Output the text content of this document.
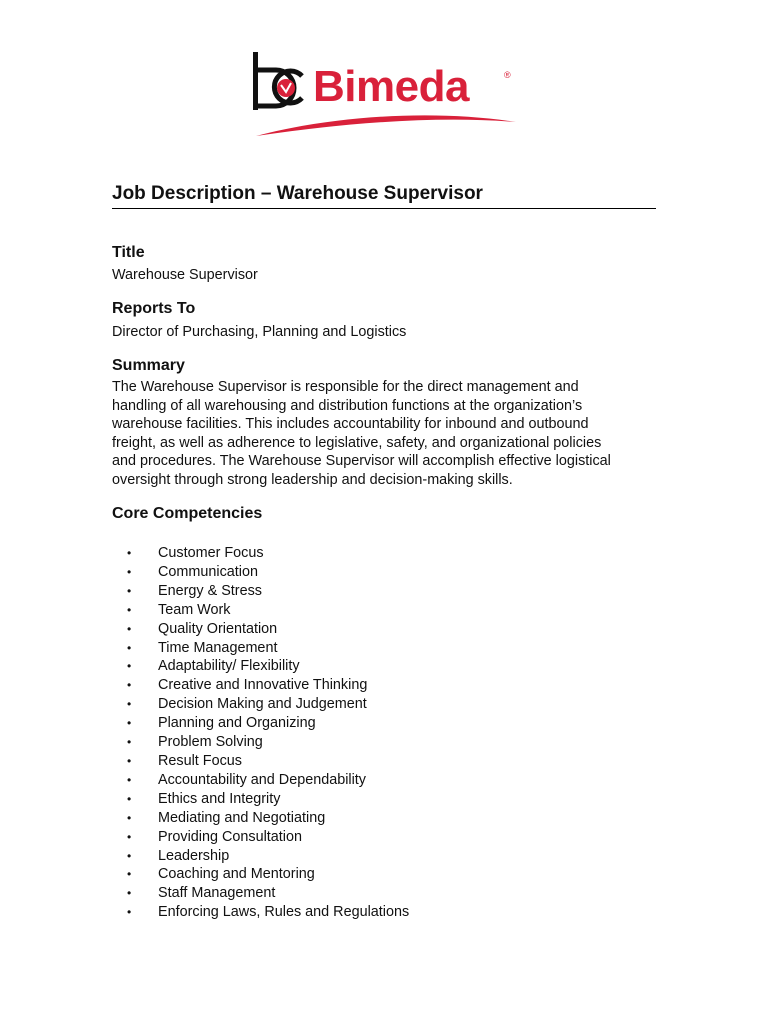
Bimeda	®
Job Description – Warehouse Supervisor
Title

Warehouse Supervisor

Reports To

Director of Purchasing, Planning and Logistics

Summary

The Warehouse Supervisor is responsible for the direct management and
handling of all warehousing and distribution functions at the organization’s
warehouse facilities. This includes accountability for inbound and outbound
freight, as well as adherence to legislative, safety, and organizational policies
and procedures. The Warehouse Supervisor will accomplish effective logistical
oversight through strong leadership and decision-making skills.

Core Competencies
• Customer Focus
• Communication
• Energy & Stress
• Team Work
• Quality Orientation
• Time Management
• Adaptability/ Flexibility
• Creative and Innovative Thinking
• Decision Making and Judgement
• Planning and Organizing
• Problem Solving
• Result Focus
• Accountability and Dependability
• Ethics and Integrity
• Mediating and Negotiating
• Providing Consultation
• Leadership
• Coaching and Mentoring
• Staff Management
• Enforcing Laws, Rules and Regulations
